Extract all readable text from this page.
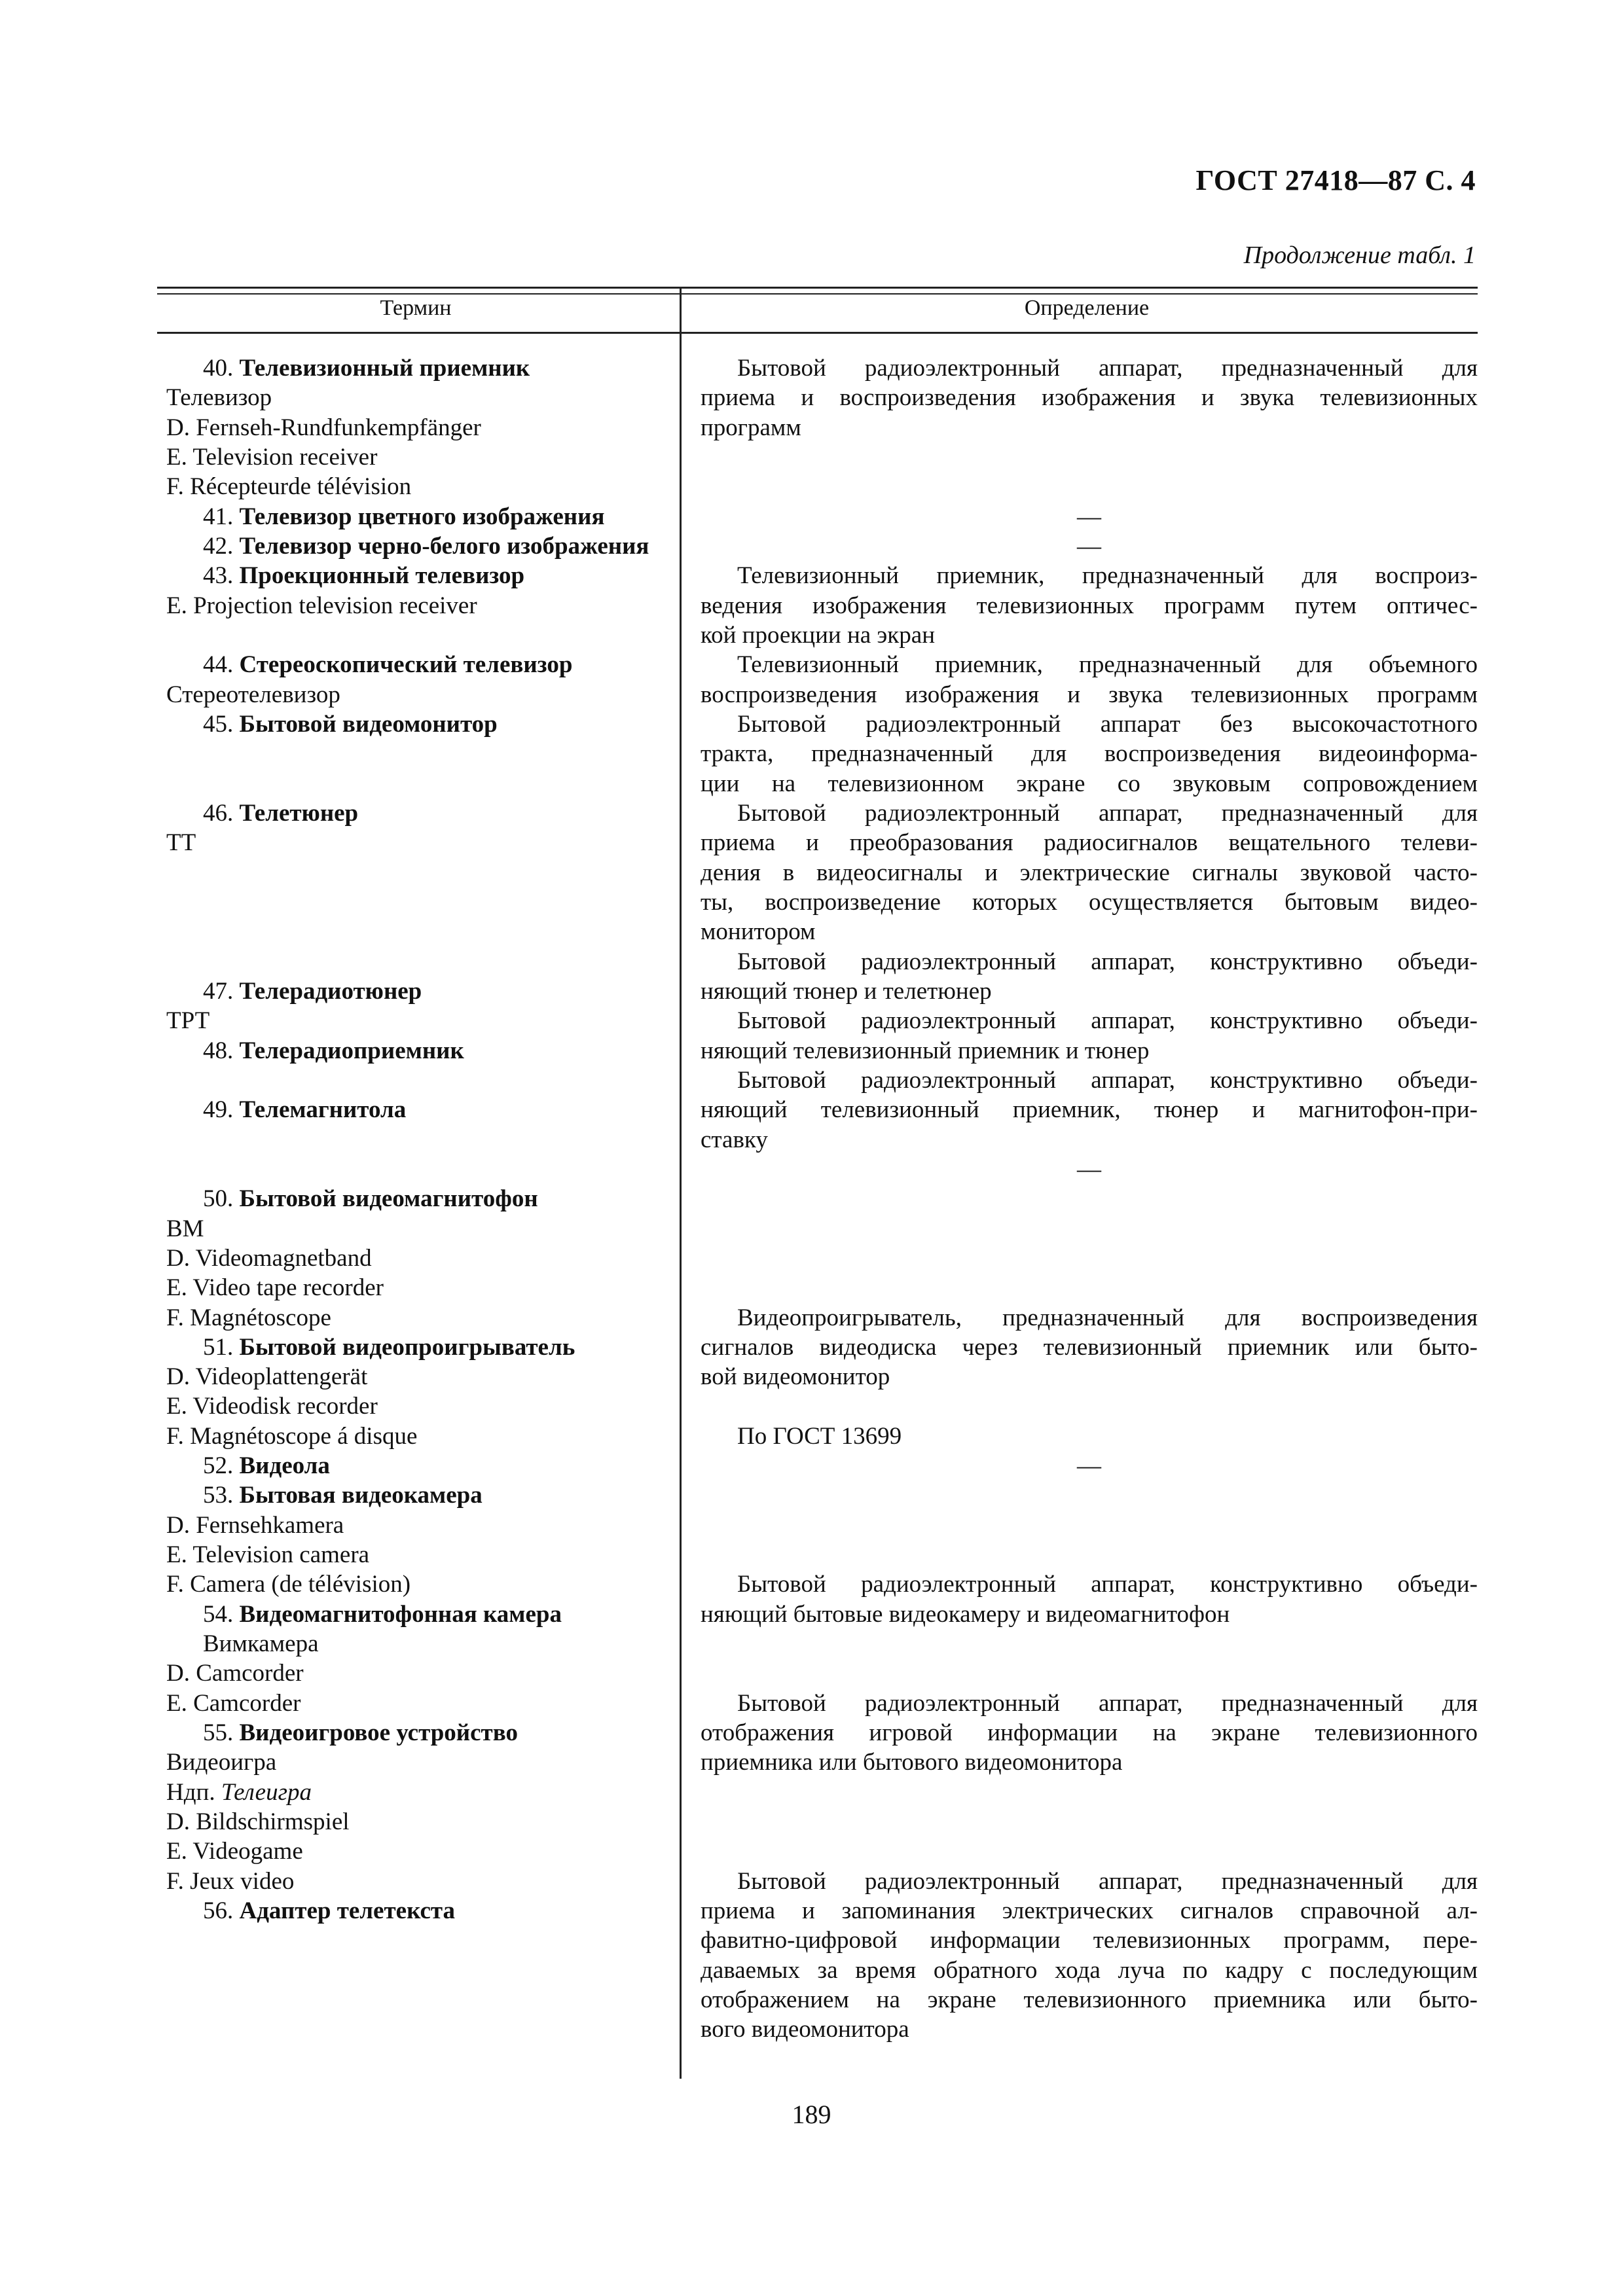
ГОСТ 27418—87 С. 4
Продолжение табл. 1
Термин	Определение
40. Телевизионный приемник
Телевизор
D. Fernseh-Rundfunkempfänger
E. Television receiver
F. Récepteurde télévision
41. Телевизор цветного изображения
42. Телевизор черно-белого изображения
43. Проекционный телевизор
E. Projection television receiver
44. Стереоскопический телевизор
Стереотелевизор
45. Бытовой видеомонитор
46. Телетюнер
ТТ
47. Телерадиотюнер
ТРТ
48. Телерадиоприемник
49. Телемагнитола
50. Бытовой видеомагнитофон
ВМ
D. Videomagnetband
E. Video tape recorder
F. Magnétoscope
51. Бытовой видеопроигрыватель
D. Videoplattengerät
E. Videodisk recorder
F. Magnétoscope á disque
52. Видеола
53. Бытовая видеокамера
D. Fernsehkamera
E. Television camera
F. Camera (de télévision)
54. Видеомагнитофонная камера
Вимкамера
D. Camcorder
E. Camcorder
55. Видеоигровое устройство
Видеоигра
Ндп. Телеигра
D. Bildschirmspiel
E. Videogame
F. Jeux video
56. Адаптер телетекста
Бытовой радиоэлектронный аппарат, предназначенный для
приема и воспроизведения изображения и звука телевизионных
программ
—
—
Телевизионный приемник, предназначенный для воспроиз-
ведения изображения телевизионных программ путем оптичес-
кой проекции на экран
Телевизионный приемник, предназначенный для объемного
воспроизведения изображения и звука телевизионных программ
Бытовой радиоэлектронный аппарат без высокочастотного
тракта, предназначенный для воспроизведения видеоинформа-
ции на телевизионном экране со звуковым сопровождением
Бытовой радиоэлектронный аппарат, предназначенный для
приема и преобразования радиосигналов вещательного телеви-
дения в видеосигналы и электрические сигналы звуковой часто-
ты, воспроизведение которых осуществляется бытовым видео-
монитором
Бытовой радиоэлектронный аппарат, конструктивно объеди-
няющий тюнер и телетюнер
Бытовой радиоэлектронный аппарат, конструктивно объеди-
няющий телевизионный приемник и тюнер
Бытовой радиоэлектронный аппарат, конструктивно объеди-
няющий телевизионный приемник, тюнер и магнитофон-при-
ставку
—
Видеопроигрыватель, предназначенный для воспроизведения
сигналов видеодиска через телевизионный приемник или быто-
вой видеомонитор
По ГОСТ 13699
—
Бытовой радиоэлектронный аппарат, конструктивно объеди-
няющий бытовые видеокамеру и видеомагнитофон
Бытовой радиоэлектронный аппарат, предназначенный для
отображения игровой информации на экране телевизионного
приемника или бытового видеомонитора
Бытовой радиоэлектронный аппарат, предназначенный для
приема и запоминания электрических сигналов справочной ал-
фавитно-цифровой информации телевизионных программ, пере-
даваемых за время обратного хода луча по кадру с последующим
отображением на экране телевизионного приемника или быто-
вого видеомонитора
189
